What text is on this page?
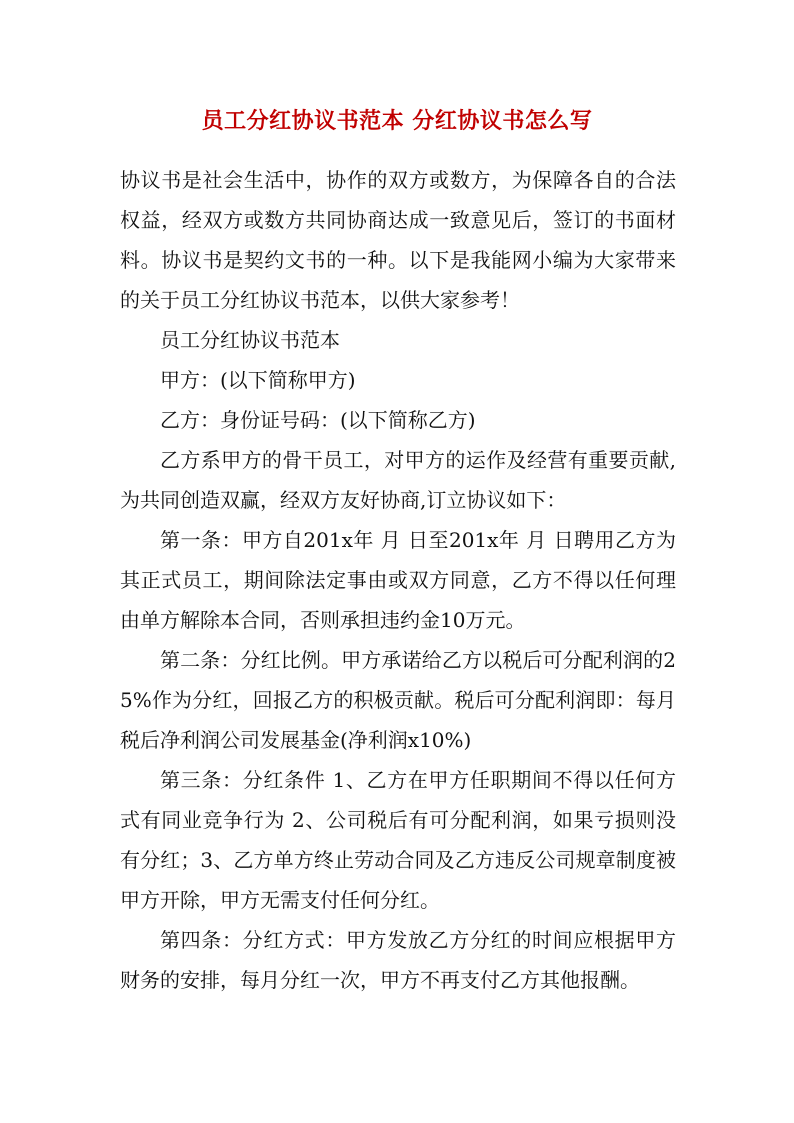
员工分红协议书范本 分红协议书怎么写

协议书是社会生活中，协作的双方或数方，为保障各自的合法权益，经双方或数方共同协商达成一致意见后，签订的书面材料。协议书是契约文书的一种。以下是我能网小编为大家带来的关于员工分红协议书范本，以供大家参考！

员工分红协议书范本

甲方：(以下简称甲方)

乙方：身份证号码：(以下简称乙方)

乙方系甲方的骨干员工，对甲方的运作及经营有重要贡献,为共同创造双赢，经双方友好协商,订立协议如下：

第一条：甲方自201x年 月 日至201x年 月 日聘用乙方为其正式员工，期间除法定事由或双方同意，乙方不得以任何理由单方解除本合同，否则承担违约金10万元。

第二条：分红比例。甲方承诺给乙方以税后可分配利润的25%作为分红，回报乙方的积极贡献。税后可分配利润即：每月税后净利润公司发展基金(净利润x10%)

第三条：分红条件 1、乙方在甲方任职期间不得以任何方式有同业竞争行为 2、公司税后有可分配利润，如果亏损则没有分红；3、乙方单方终止劳动合同及乙方违反公司规章制度被甲方开除，甲方无需支付任何分红。

第四条：分红方式：甲方发放乙方分红的时间应根据甲方财务的安排，每月分红一次，甲方不再支付乙方其他报酬。
